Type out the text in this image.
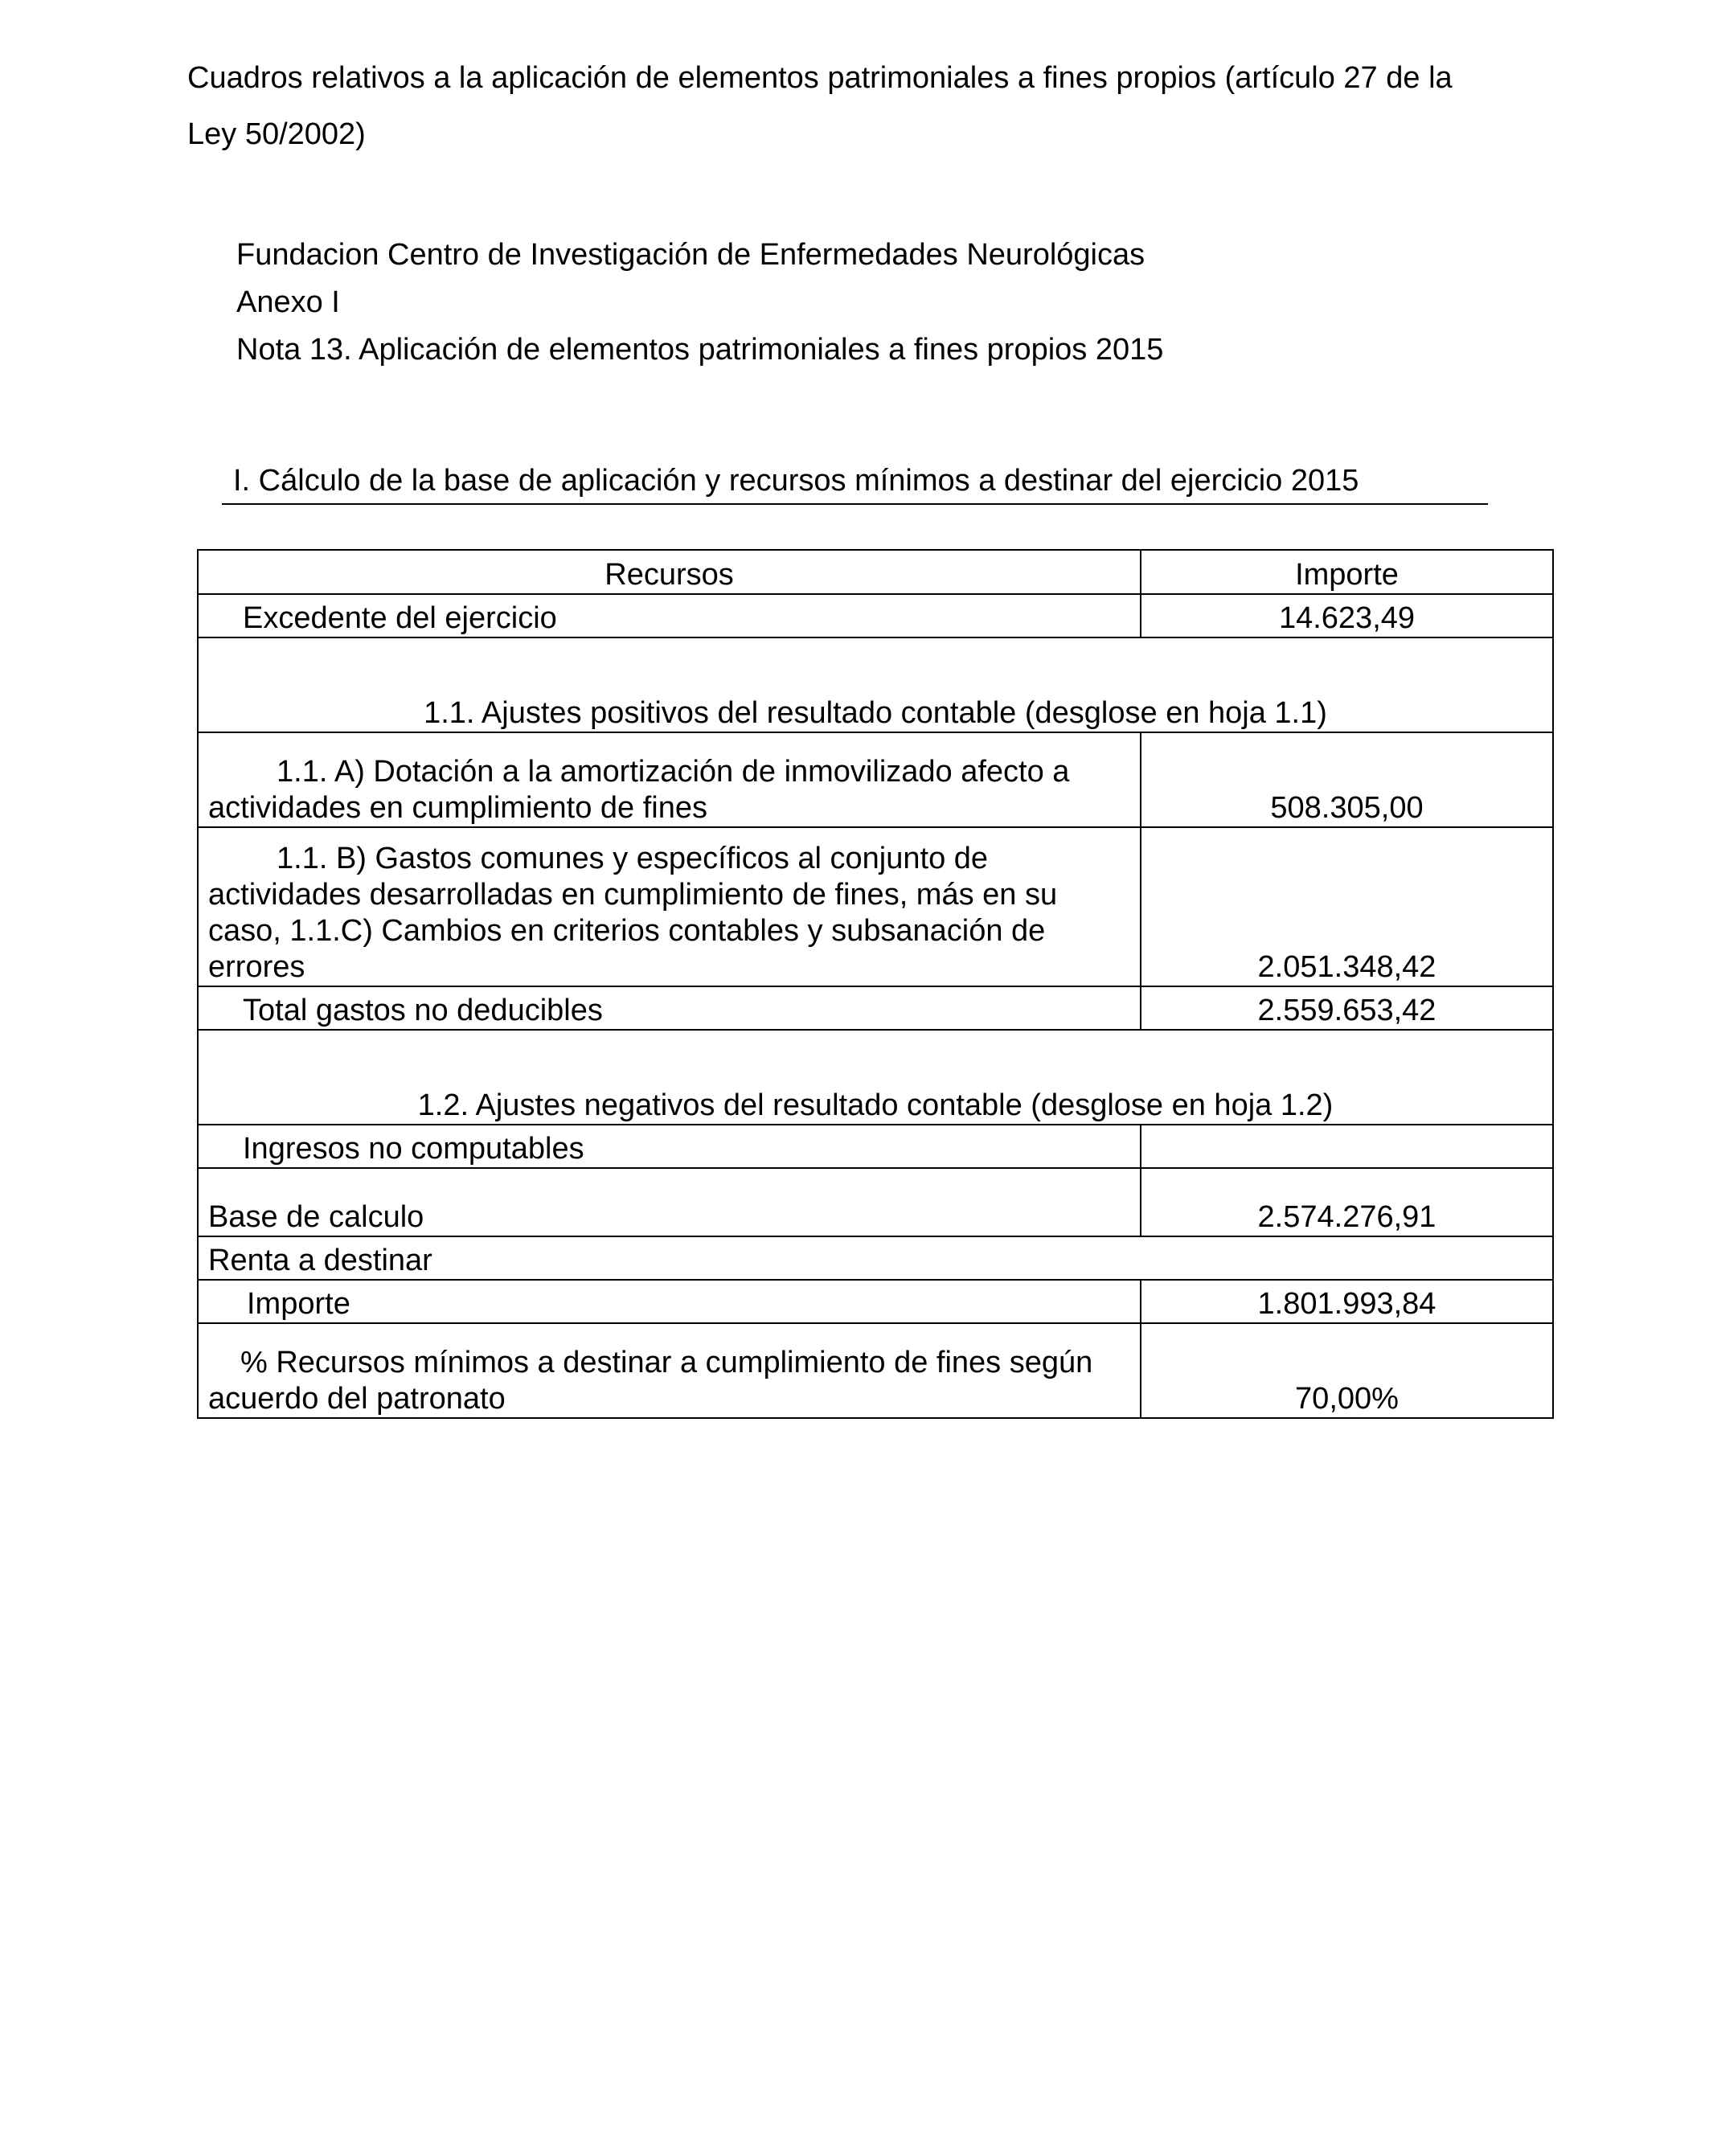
Cuadros relativos a la aplicación de elementos patrimoniales a fines propios (artículo 27 de la Ley 50/2002)

Fundacion Centro de Investigación de Enfermedades Neurológicas
Anexo I
Nota 13. Aplicación de elementos patrimoniales a fines propios 2015
I. Cálculo de la base de aplicación y recursos mínimos a destinar del ejercicio 2015
Recursos	Importe
Excedente del ejercicio	14.623,49
1.1. Ajustes positivos del resultado contable (desglose en hoja 1.1)	
1.1. A) Dotación a la amortización de inmovilizado afecto a actividades en cumplimiento de fines	508.305,00
1.1. B) Gastos comunes y específicos al conjunto de actividades desarrolladas en cumplimiento de fines, más en su caso, 1.1.C) Cambios en criterios contables y subsanación de errores	2.051.348,42
Total gastos no deducibles	2.559.653,42
1.2. Ajustes negativos del resultado contable (desglose en hoja 1.2)	
Ingresos no computables	
Base de calculo	2.574.276,91
Renta a destinar	
Importe	1.801.993,84
% Recursos mínimos a destinar a cumplimiento de fines según acuerdo del patronato	70,00%
